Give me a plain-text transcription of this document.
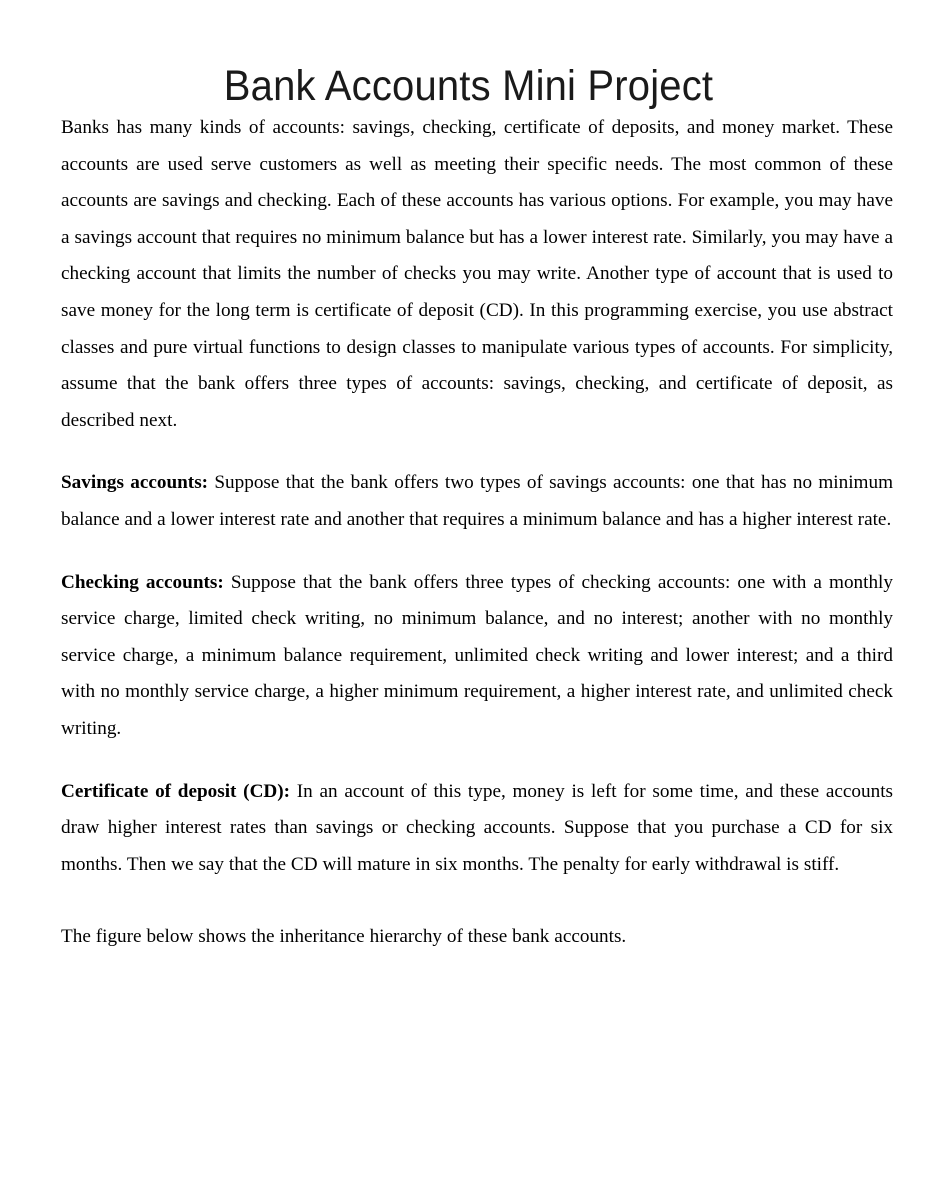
Bank Accounts Mini Project

Banks has many kinds of accounts: savings, checking, certificate of deposits, and money market. These accounts are used serve customers as well as meeting their specific needs. The most common of these accounts are savings and checking. Each of these accounts has various options. For example, you may have a savings account that requires no minimum balance but has a lower interest rate. Similarly, you may have a checking account that limits the number of checks you may write. Another type of account that is used to save money for the long term is certificate of deposit (CD). In this programming exercise, you use abstract classes and pure virtual functions to design classes to manipulate various types of accounts. For simplicity, assume that the bank offers three types of accounts: savings, checking, and certificate of deposit, as described next.

Savings accounts: Suppose that the bank offers two types of savings accounts: one that has no minimum balance and a lower interest rate and another that requires a minimum balance and has a higher interest rate.

Checking accounts: Suppose that the bank offers three types of checking accounts: one with a monthly service charge, limited check writing, no minimum balance, and no interest; another with no monthly service charge, a minimum balance requirement, unlimited check writing and lower interest; and a third with no monthly service charge, a higher minimum requirement, a higher interest rate, and unlimited check writing.

Certificate of deposit (CD): In an account of this type, money is left for some time, and these accounts draw higher interest rates than savings or checking accounts. Suppose that you purchase a CD for six months. Then we say that the CD will mature in six months. The penalty for early withdrawal is stiff.

The figure below shows the inheritance hierarchy of these bank accounts.
